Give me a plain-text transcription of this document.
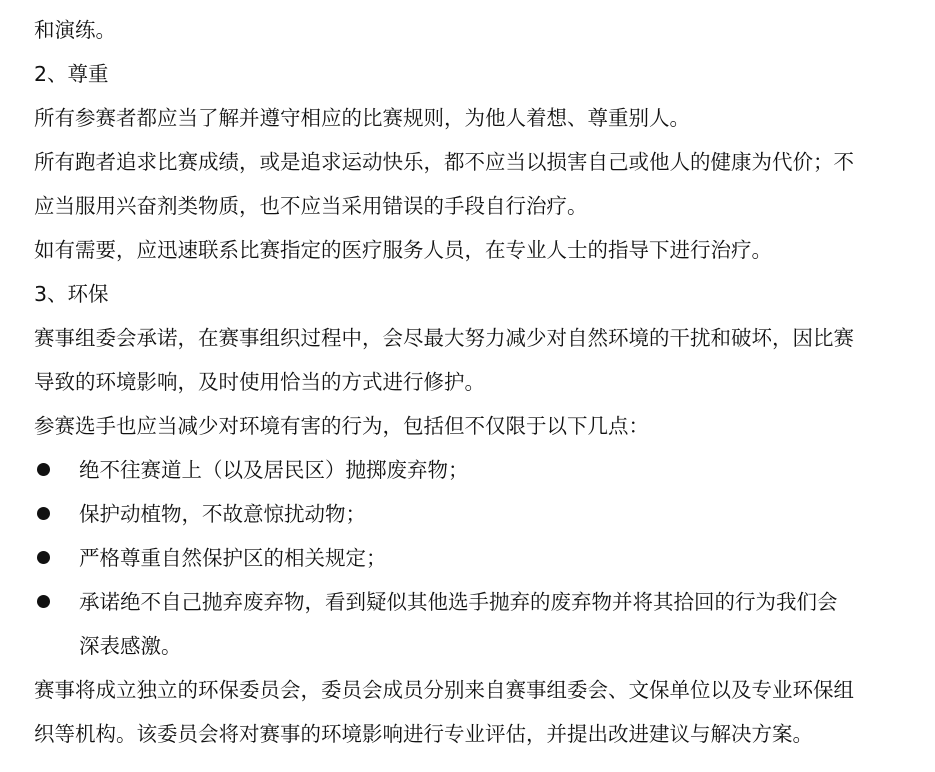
和演练。

2、尊重

所有参赛者都应当了解并遵守相应的比赛规则，为他人着想、尊重别人。

所有跑者追求比赛成绩，或是追求运动快乐，都不应当以损害自己或他人的健康为代价；不

应当服用兴奋剂类物质，也不应当采用错误的手段自行治疗。

如有需要，应迅速联系比赛指定的医疗服务人员，在专业人士的指导下进行治疗。

3、环保

赛事组委会承诺，在赛事组织过程中，会尽最大努力减少对自然环境的干扰和破坏，因比赛

导致的环境影响，及时使用恰当的方式进行修护。

参赛选手也应当减少对环境有害的行为，包括但不仅限于以下几点：

绝不往赛道上（以及居民区）抛掷废弃物；
保护动植物，不故意惊扰动物；
严格尊重自然保护区的相关规定；
承诺绝不自己抛弃废弃物，看到疑似其他选手抛弃的废弃物并将其拾回的行为我们会

深表感激。

赛事将成立独立的环保委员会，委员会成员分别来自赛事组委会、文保单位以及专业环保组

织等机构。该委员会将对赛事的环境影响进行专业评估，并提出改进建议与解决方案。
